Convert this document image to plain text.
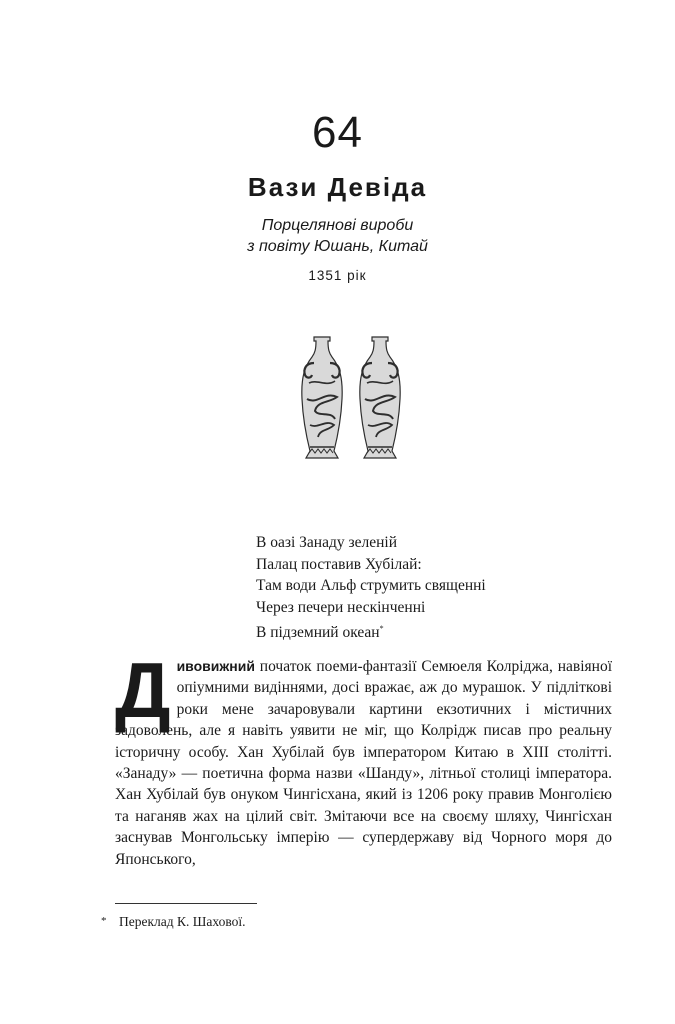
64
Вази Девіда
Порцелянові вироби
з повіту Юшань, Китай
1351 рік
В оазі Занаду зеленій
Палац поставив Хубілай:
Там води Альф струмить священні
Через печери нескінченні
В підземний океан*

Дивовижний початок поеми-фантазії Семюеля Колріджа, навіяної опіумними видіннями, досі вражає, аж до мурашок. У підліткові роки мене зачаровували картини екзотичних і містичних задоволень, але я навіть уявити не міг, що Колрідж писав про реальну історичну особу. Хан Хубілай був імператором Китаю в XIII столітті. «Занаду» — поетична форма назви «Шанду», літньої столиці імператора. Хан Хубілай був онуком Чингісхана, який із 1206 року правив Монголією та наганяв жах на цілий світ. Змітаючи все на своєму шляху, Чингісхан заснував Монгольську імперію — супердержаву від Чорного моря до Японського,

* Переклад К. Шахової.
